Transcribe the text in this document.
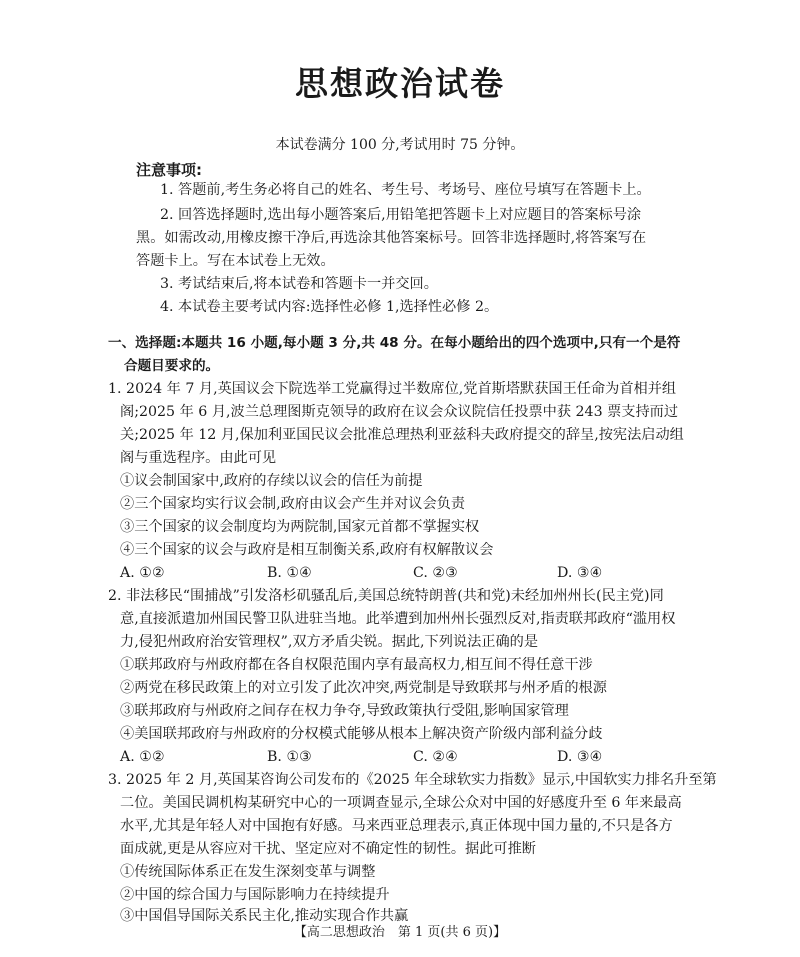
思想政治试卷
本试卷满分 100 分,考试用时 75 分钟。
注意事项:
1. 答题前,考生务必将自己的姓名、考生号、考场号、座位号填写在答题卡上。
2. 回答选择题时,选出每小题答案后,用铅笔把答题卡上对应题目的答案标号涂
黑。如需改动,用橡皮擦干净后,再选涂其他答案标号。回答非选择题时,将答案写在
答题卡上。写在本试卷上无效。
3. 考试结束后,将本试卷和答题卡一并交回。
4. 本试卷主要考试内容:选择性必修 1,选择性必修 2。
一、选择题:本题共 16 小题,每小题 3 分,共 48 分。在每小题给出的四个选项中,只有一个是符
合题目要求的。
1. 2024 年 7 月,英国议会下院选举工党赢得过半数席位,党首斯塔默获国王任命为首相并组
阁;2025 年 6 月,波兰总理图斯克领导的政府在议会众议院信任投票中获 243 票支持而过
关;2025 年 12 月,保加利亚国民议会批准总理热利亚兹科夫政府提交的辞呈,按宪法启动组
阁与重选程序。由此可见
①议会制国家中,政府的存续以议会的信任为前提
②三个国家均实行议会制,政府由议会产生并对议会负责
③三个国家的议会制度均为两院制,国家元首都不掌握实权
④三个国家的议会与政府是相互制衡关系,政府有权解散议会
A. ①②	B. ①④	C. ②③	D. ③④
2. 非法移民“围捕战”引发洛杉矶骚乱后,美国总统特朗普(共和党)未经加州州长(民主党)同
意,直接派遣加州国民警卫队进驻当地。此举遭到加州州长强烈反对,指责联邦政府“滥用权
力,侵犯州政府治安管理权”,双方矛盾尖锐。据此,下列说法正确的是
①联邦政府与州政府都在各自权限范围内享有最高权力,相互间不得任意干涉
②两党在移民政策上的对立引发了此次冲突,两党制是导致联邦与州矛盾的根源
③联邦政府与州政府之间存在权力争夺,导致政策执行受阻,影响国家管理
④美国联邦政府与州政府的分权模式能够从根本上解决资产阶级内部利益分歧
A. ①②	B. ①③	C. ②④	D. ③④
3. 2025 年 2 月,英国某咨询公司发布的《2025 年全球软实力指数》显示,中国软实力排名升至第
二位。美国民调机构某研究中心的一项调查显示,全球公众对中国的好感度升至 6 年来最高
水平,尤其是年轻人对中国抱有好感。马来西亚总理表示,真正体现中国力量的,不只是各方
面成就,更是从容应对干扰、坚定应对不确定性的韧性。据此可推断
①传统国际体系正在发生深刻变革与调整
②中国的综合国力与国际影响力在持续提升
③中国倡导国际关系民主化,推动实现合作共赢
【高二思想政治　第 1 页(共 6 页)】
